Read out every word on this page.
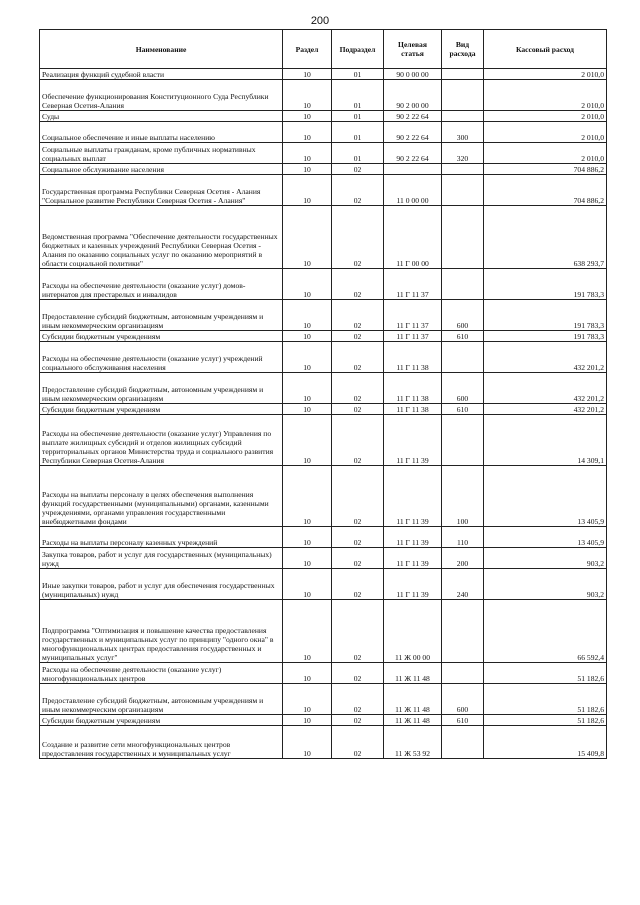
200
Наименование	Раздел	Подраздел	Целевая статья	Вид расхода	Кассовый расход
Реализация функций судебной власти	10	01	90 0 00 00		2 010,0

Обеспечение функционирования Конституционного Суда Республики Северная Осетия-Алания	10	01	90 2 00 00		2 010,0
Суды	10	01	90 2 22 64		2 010,0

Социальное обеспечение и иные выплаты населению	10	01	90 2 22 64	300	2 010,0
Социальные выплаты гражданам, кроме публичных нормативных социальных выплат	10	01	90 2 22 64	320	2 010,0
Социальное обслуживание населения	10	02			704 886,2
Государственная программа Республики Северная Осетия - Алания "Социальное развитие Республики Северная Осетия - Алания"	10	02	11 0 00 00		704 886,2
Ведомственная программа "Обеспечение деятельности государственных бюджетных и казенных учреждений Республики Северная Осетия - Алания по оказанию социальных услуг по оказанию мероприятий в области социальной политики"	10	02	11 Г 00 00		638 293,7

Расходы на обеспечение деятельности (оказание услуг) домов-интернатов для престарелых и инвалидов	10	02	11 Г 11 37		191 783,3

Предоставление субсидий бюджетным, автономным учреждениям и иным некоммерческим организациям	10	02	11 Г 11 37	600	191 783,3
Субсидии бюджетным учреждениям	10	02	11 Г 11 37	610	191 783,3

Расходы на обеспечение деятельности (оказание услуг) учреждений социального обслуживания населения	10	02	11 Г 11 38		432 201,2

Предоставление субсидий бюджетным, автономным учреждениям и иным некоммерческим организациям	10	02	11 Г 11 38	600	432 201,2
Субсидии бюджетным учреждениям	10	02	11 Г 11 38	610	432 201,2
Расходы на обеспечение деятельности (оказание услуг) Управления по выплате жилищных субсидий и отделов жилищных субсидий территориальных органов Министерства труда и социального развития Республики Северная Осетия-Алания	10	02	11 Г 11 39		14 309,1
Расходы на выплаты персоналу в целях обеспечения выполнения функций государственными (муниципальными) органами, казенными учреждениями, органами управления государственными внебюджетными фондами	10	02	11 Г 11 39	100	13 405,9

Расходы на выплаты персоналу казенных учреждений	10	02	11 Г 11 39	110	13 405,9
Закупка товаров, работ и услуг для государственных (муниципальных) нужд	10	02	11 Г 11 39	200	903,2

Иные закупки товаров, работ и услуг для обеспечения государственных (муниципальных) нужд	10	02	11 Г 11 39	240	903,2
Подпрограмма "Оптимизация и повышение качества предоставления государственных и муниципальных услуг по принципу "одного окна" в многофункциональных центрах предоставления государственных и муниципальных услуг"	10	02	11 Ж 00 00		66 592,4
Расходы на обеспечение деятельности (оказание услуг) многофункциональных центров	10	02	11 Ж 11 48		51 182,6

Предоставление субсидий бюджетным, автономным учреждениям и иным некоммерческим организациям	10	02	11 Ж 11 48	600	51 182,6
Субсидии бюджетным учреждениям	10	02	11 Ж 11 48	610	51 182,6
Создание и развитие сети многофункциональных центров предоставления государственных и муниципальных услуг	10	02	11 Ж 53 92		15 409,8
